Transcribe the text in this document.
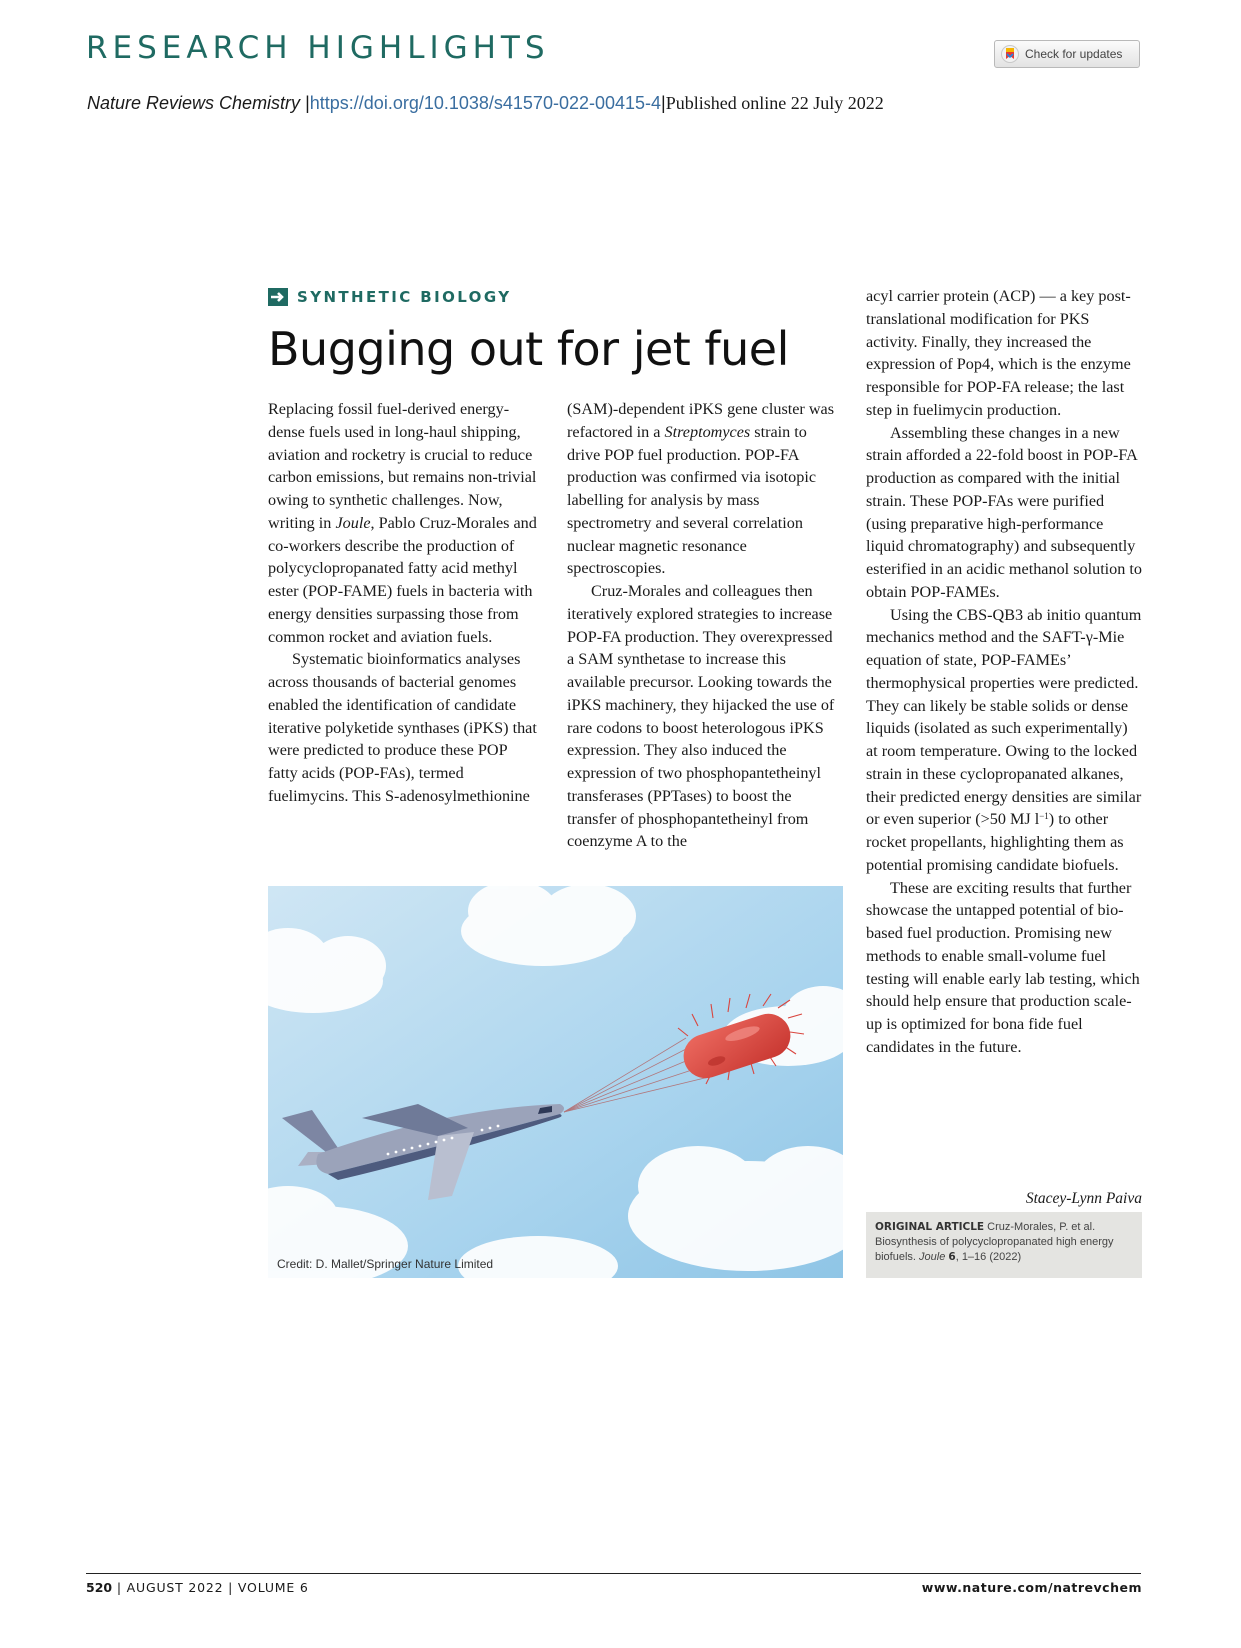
RESEARCH HIGHLIGHTS	Check for updates
Nature Reviews Chemistry |https://doi.org/10.1038/s41570-022-00415-4|Published online 22 July 2022
SYNTHETIC BIOLOGY
Bugging out for jet fuel

Replacing fossil fuel-derived energy-dense fuels used in long-haul shipping, aviation and rocketry is crucial to reduce carbon emissions, but remains non-trivial owing to synthetic challenges. Now, writing in Joule, Pablo Cruz-Morales and co-workers describe the production of polycyclopropanated fatty acid methyl ester (POP-FAME) fuels in bacteria with energy densities surpassing those from common rocket and aviation fuels.

Systematic bioinformatics analyses across thousands of bacterial genomes enabled the identification of candidate iterative polyketide synthases (iPKS) that were predicted to produce these POP fatty acids (POP-FAs), termed fuelimycins. This S-adenosylmethionine

(SAM)-dependent iPKS gene cluster was refactored in a Streptomyces strain to drive POP fuel production. POP-FA production was confirmed via isotopic labelling for analysis by mass spectrometry and several correlation nuclear magnetic resonance spectroscopies.

Cruz-Morales and colleagues then iteratively explored strategies to increase POP-FA production. They overexpressed a SAM synthetase to increase this available precursor. Looking towards the iPKS machinery, they hijacked the use of rare codons to boost heterologous iPKS expression. They also induced the expression of two phosphopantetheinyl transferases (PPTases) to boost the transfer of phosphopantetheinyl from coenzyme A to the

acyl carrier protein (ACP) — a key post-translational modification for PKS activity. Finally, they increased the expression of Pop4, which is the enzyme responsible for POP-FA release; the last step in fuelimycin production.

Assembling these changes in a new strain afforded a 22-fold boost in POP-FA production as compared with the initial strain. These POP-FAs were purified (using preparative high-performance liquid chromatography) and subsequently esterified in an acidic methanol solution to obtain POP-FAMEs.

Using the CBS-QB3 ab initio quantum mechanics method and the SAFT-γ-Mie equation of state, POP-FAMEs’ thermophysical properties were predicted. They can likely be stable solids or dense liquids (isolated as such experimentally) at room temperature. Owing to the locked strain in these cyclopropanated alkanes, their predicted energy densities are similar or even superior (>50 MJ $l^{-1}$) to other rocket propellants, highlighting them as potential promising candidate biofuels.

These are exciting results that further showcase the untapped potential of bio-based fuel production. Promising new methods to enable small-volume fuel testing will enable early lab testing, which should help ensure that production scale-up is optimized for bona fide fuel candidates in the future.

Stacey-Lynn Paiva
Credit: D. Mallet/Springer Nature Limited
ORIGINAL ARTICLE Cruz-Morales, P. et al. Biosynthesis of polycyclopropanated high energy biofuels. Joule 6, 1–16 (2022)
520 | AUGUST 2022 | VOLUME 6	www.nature.com/natrevchem
